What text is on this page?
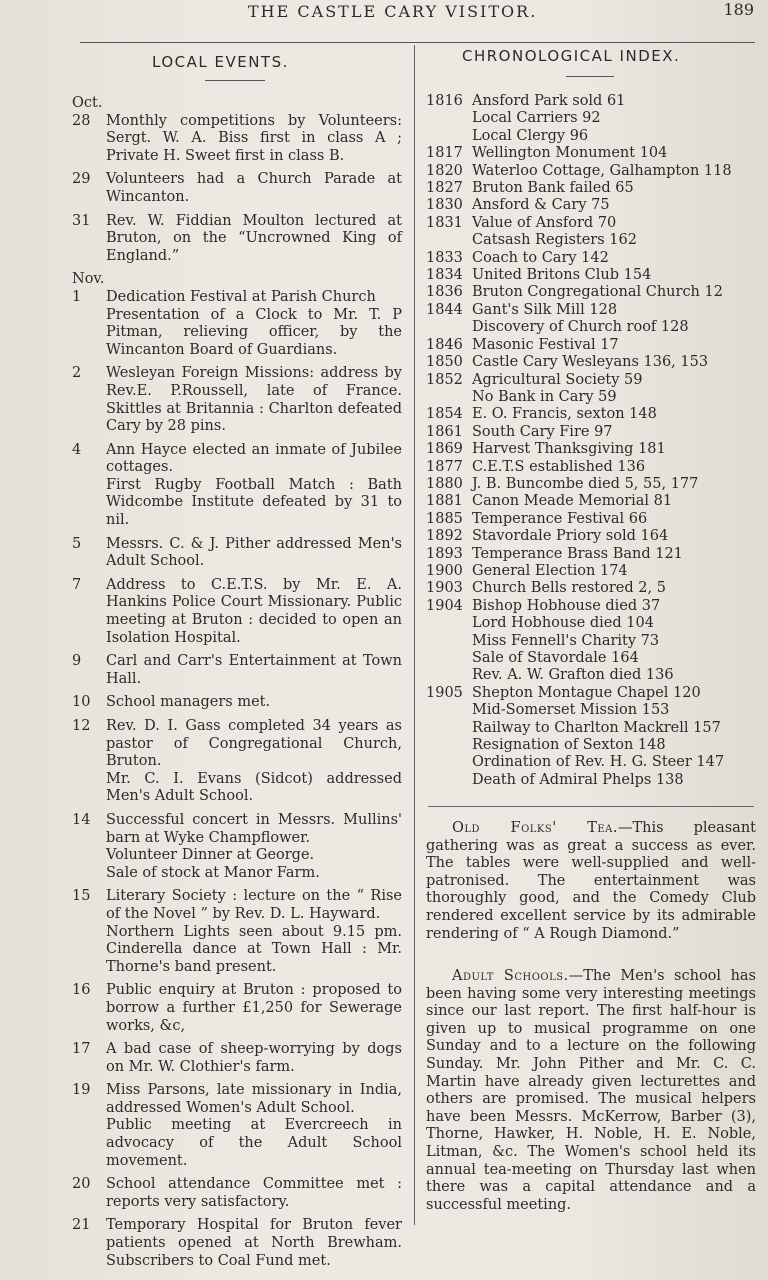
THE CASTLE CARY VISITOR.	189
LOCAL EVENTS.	CHRONOLOGICAL INDEX.
Oct.
28	Monthly competitions by Volunteers: Sergt. W. A. Biss first in class A ; Private H. Sweet first in class B.
29	Volunteers had a Church Parade at Wincanton.
31	Rev. W. Fiddian Moulton lectured at Bruton, on the “Uncrowned King of England.”
Nov.
1	Dedication Festival at Parish Church
Presentation of a Clock to Mr. T. P Pitman, relieving officer, by the Wincanton Board of Guardians.
2	Wesleyan Foreign Missions: address by Rev.E. P.Roussell, late of France. Skittles at Britannia : Charlton defeated Cary by 28 pins.
4	Ann Hayce elected an inmate of Jubilee cottages.
First Rugby Football Match : Bath Widcombe Institute defeated by 31 to nil.
5	Messrs. C. & J. Pither addressed Men's Adult School.
7	Address to C.E.T.S. by Mr. E. A. Hankins Police Court Missionary. Public meeting at Bruton : decided to open an Isolation Hospital.
9	Carl and Carr's Entertainment at Town Hall.
10	School managers met.
12	Rev. D. I. Gass completed 34 years as pastor of Congregational Church, Bruton.
Mr. C. I. Evans (Sidcot) addressed Men's Adult School.
14	Successful concert in Messrs. Mullins' barn at Wyke Champflower.
Volunteer Dinner at George.
Sale of stock at Manor Farm.
15	Literary Society : lecture on the “ Rise of the Novel ” by Rev. D. L. Hayward.
Northern Lights seen about 9.15 pm. Cinderella dance at Town Hall : Mr. Thorne's band present.
16	Public enquiry at Bruton : proposed to borrow a further £1,250 for Sewerage works, &c,
17	A bad case of sheep-worrying by dogs on Mr. W. Clothier's farm.
19	Miss Parsons, late missionary in India, addressed Women's Adult School.
Public meeting at Evercreech in advocacy of the Adult School movement.
20	School attendance Committee met : reports very satisfactory.
21	Temporary Hospital for Bruton fever patients opened at North Brewham. Subscribers to Coal Fund met.
1816 Ansford Park sold 61
Local Carriers 92
Local Clergy 96
1817 Wellington Monument 104
1820 Waterloo Cottage, Galhampton 118
1827 Bruton Bank failed 65
1830 Ansford & Cary 75
1831 Value of Ansford 70
Catsash Registers 162
1833 Coach to Cary 142
1834 United Britons Club 154
1836 Bruton Congregational Church 12
1844 Gant's Silk Mill 128
Discovery of Church roof 128
1846 Masonic Festival 17
1850 Castle Cary Wesleyans 136, 153
1852 Agricultural Society 59
No Bank in Cary 59
1854 E. O. Francis, sexton 148
1861 South Cary Fire 97
1869 Harvest Thanksgiving 181
1877 C.E.T.S established 136
1880 J. B. Buncombe died 5, 55, 177
1881 Canon Meade Memorial 81
1885 Temperance Festival 66
1892 Stavordale Priory sold 164
1893 Temperance Brass Band 121
1900 General Election 174
1903 Church Bells restored 2, 5
1904 Bishop Hobhouse died 37
Lord Hobhouse died 104
Miss Fennell's Charity 73
Sale of Stavordale 164
Rev. A. W. Grafton died 136
1905 Shepton Montague Chapel 120
Mid-Somerset Mission 153
Railway to Charlton Mackrell 157
Resignation of Sexton 148
Ordination of Rev. H. G. Steer 147
Death of Admiral Phelps 138
Old Folks' Tea.—This pleasant gathering was as great a success as ever. The tables were well-supplied and well-patronised. The entertainment was thoroughly good, and the Comedy Club rendered excellent service by its admirable rendering of “ A Rough Diamond.”
Adult Schools.—The Men's school has been having some very interesting meetings since our last report. The first half-hour is given up to musical programme on one Sunday and to a lecture on the following Sunday. Mr. John Pither and Mr. C. C. Martin have already given lecturettes and others are promised. The musical helpers have been Messrs. McKerrow, Barber (3), Thorne, Hawker, H. Noble, H. E. Noble, Litman, &c. The Women's school held its annual tea-meeting on Thursday last when there was a capital attendance and a successful meeting.
